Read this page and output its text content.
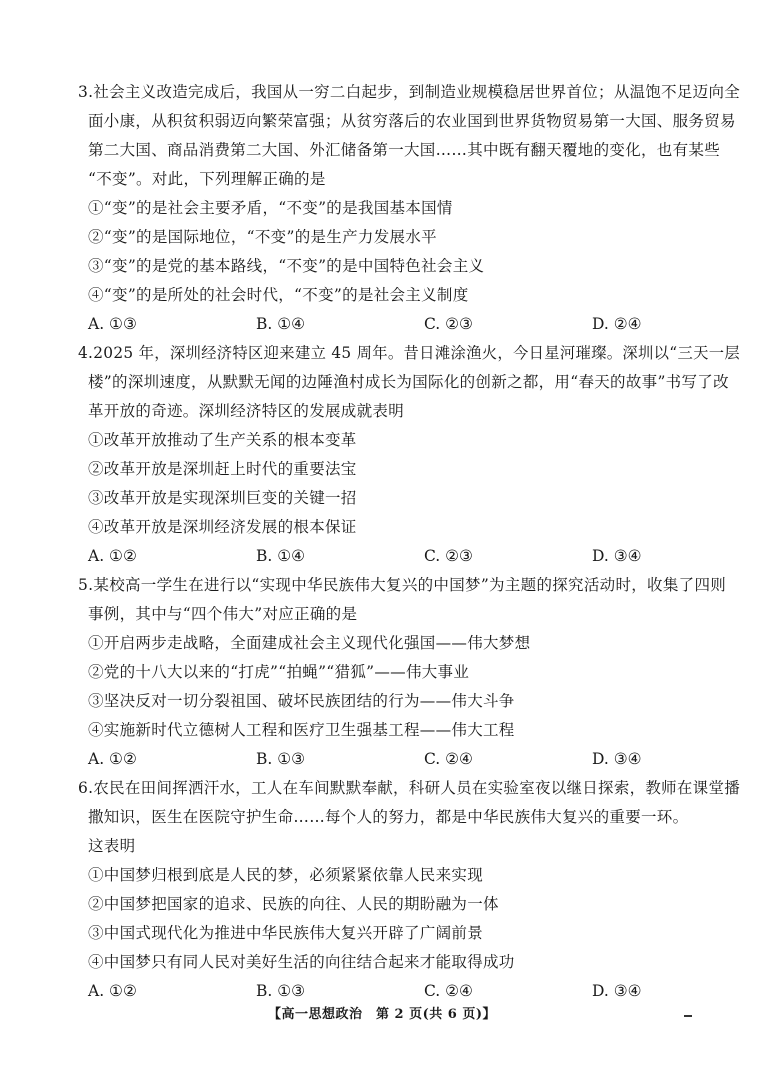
3.社会主义改造完成后，我国从一穷二白起步，到制造业规模稳居世界首位；从温饱不足迈向全
面小康，从积贫积弱迈向繁荣富强；从贫穷落后的农业国到世界货物贸易第一大国、服务贸易
第二大国、商品消费第二大国、外汇储备第一大国……其中既有翻天覆地的变化，也有某些
“不变”。对此，下列理解正确的是
①“变”的是社会主要矛盾，“不变”的是我国基本国情
②“变”的是国际地位，“不变”的是生产力发展水平
③“变”的是党的基本路线，“不变”的是中国特色社会主义
④“变”的是所处的社会时代，“不变”的是社会主义制度
A. ①③	B. ①④	C. ②③	D. ②④
4.2025 年，深圳经济特区迎来建立 45 周年。昔日滩涂渔火，今日星河璀璨。深圳以“三天一层
楼”的深圳速度，从默默无闻的边陲渔村成长为国际化的创新之都，用“春天的故事”书写了改
革开放的奇迹。深圳经济特区的发展成就表明
①改革开放推动了生产关系的根本变革
②改革开放是深圳赶上时代的重要法宝
③改革开放是实现深圳巨变的关键一招
④改革开放是深圳经济发展的根本保证
A. ①②	B. ①④	C. ②③	D. ③④
5.某校高一学生在进行以“实现中华民族伟大复兴的中国梦”为主题的探究活动时，收集了四则
事例，其中与“四个伟大”对应正确的是
①开启两步走战略，全面建成社会主义现代化强国——伟大梦想
②党的十八大以来的“打虎”“拍蝇”“猎狐”——伟大事业
③坚决反对一切分裂祖国、破坏民族团结的行为——伟大斗争
④实施新时代立德树人工程和医疗卫生强基工程——伟大工程
A. ①②	B. ①③	C. ②④	D. ③④
6.农民在田间挥洒汗水，工人在车间默默奉献，科研人员在实验室夜以继日探索，教师在课堂播
撒知识，医生在医院守护生命……每个人的努力，都是中华民族伟大复兴的重要一环。
这表明
①中国梦归根到底是人民的梦，必须紧紧依靠人民来实现
②中国梦把国家的追求、民族的向往、人民的期盼融为一体
③中国式现代化为推进中华民族伟大复兴开辟了广阔前景
④中国梦只有同人民对美好生活的向往结合起来才能取得成功
A. ①②	B. ①③	C. ②④	D. ③④
【高一思想政治　第 2 页(共 6 页)】
